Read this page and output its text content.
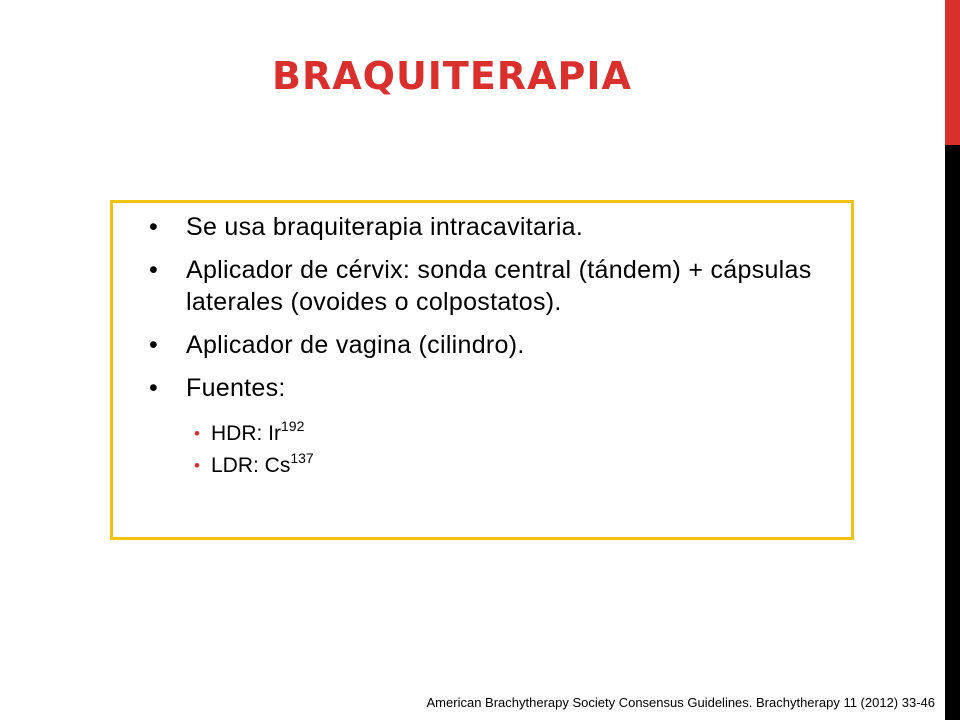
BRAQUITERAPIA
• Se usa braquiterapia intracavitaria.
• Aplicador de cérvix: sonda central (tándem) + cápsulas laterales (ovoides o colpostatos).
• Aplicador de vagina (cilindro).
• Fuentes:
• HDR: Ir$^{192}$
• LDR: Cs$^{137}$
American Brachytherapy Society Consensus Guidelines. Brachytherapy 11 (2012) 33-46
